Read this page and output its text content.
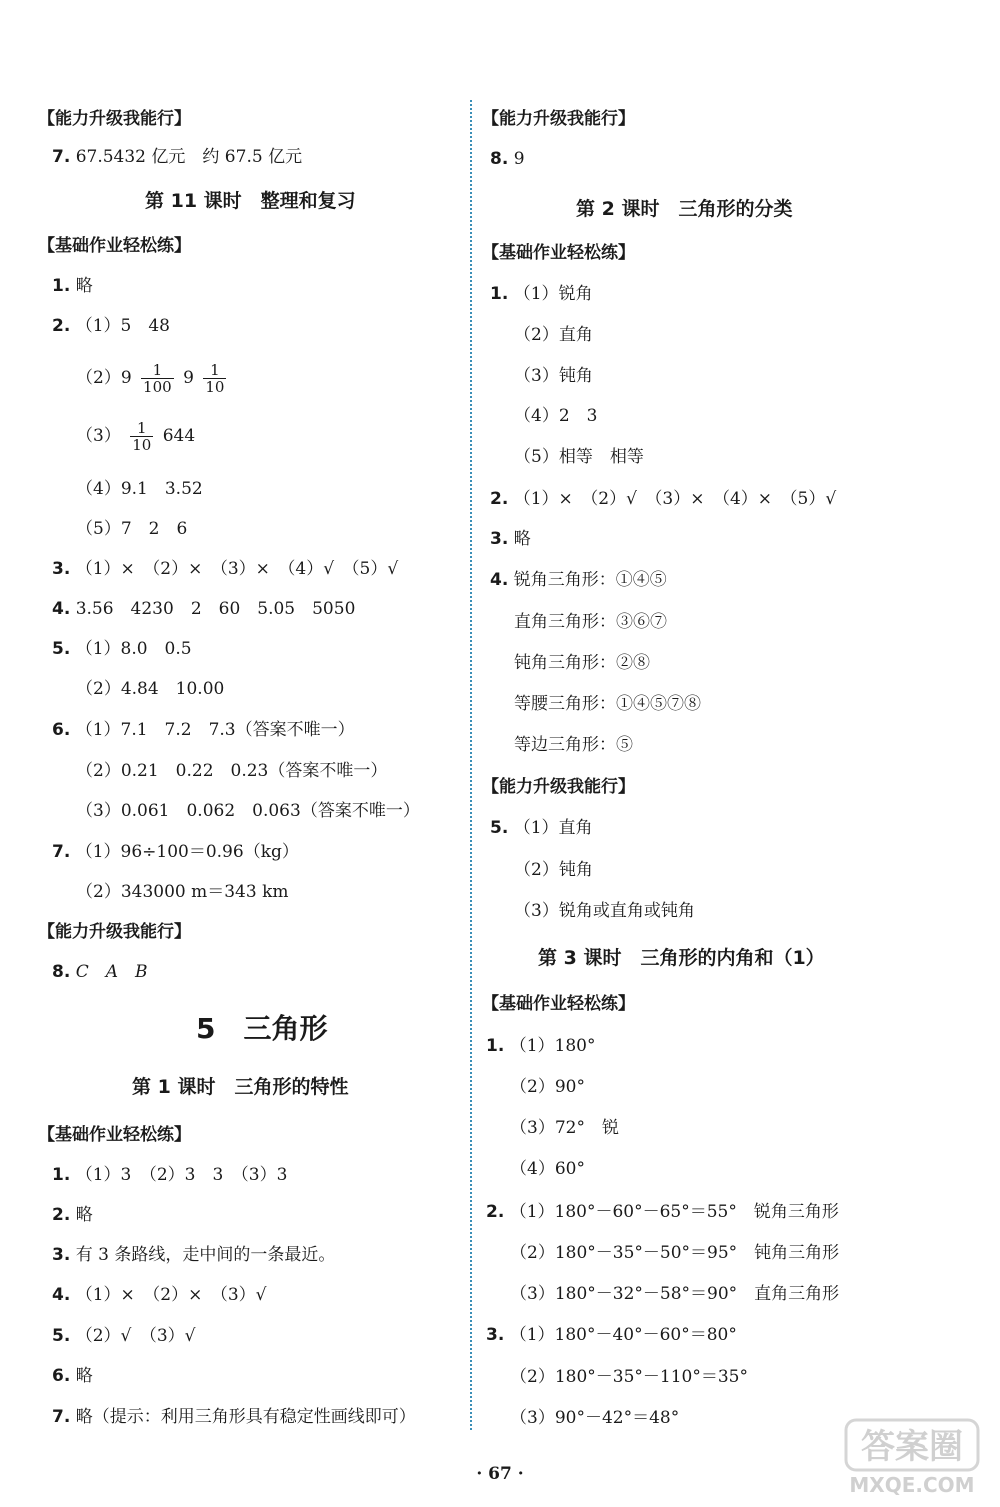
【能力升级我能行】
7. 67.5432 亿元　约 67.5 亿元
第 11 课时　整理和复习
【基础作业轻松练】
1. 略
2. （1）5　48
$(2)9 \frac{1}{100} 9 \frac{1}{10}$
$(3) \frac{1}{10} 644$
（4）9.1　3.52
（5）7　2　6
3. （1）×　（2）×　（3）×　（4）√　（5）√
4. 3.56　4230　2　60　5.05　5050
5. （1）8.0　0.5
（2）4.84　10.00
6. （1）7.1　7.2　7.3（答案不唯一）
（2）0.21　0.22　0.23（答案不唯一）
（3）0.061　0.062　0.063（答案不唯一）
7. （1）96÷100＝0.96（kg）
（2）343000 m＝343 km
【能力升级我能行】
8. C　A　B
5　三角形
第 1 课时　三角形的特性
【基础作业轻松练】
1. （1）3　（2）3　3　（3）3
2. 略
3. 有 3 条路线，走中间的一条最近。
4. （1）×　（2）×　（3）√
5. （2）√　（3）√
6. 略
7. 略（提示：利用三角形具有稳定性画线即可）
【能力升级我能行】
8. 9
第 2 课时　三角形的分类
【基础作业轻松练】
1. （1）锐角
（2）直角
（3）钝角
（4）2　3
（5）相等　相等
2. （1）×　（2）√　（3）×　（4）×　（5）√
3. 略
4. 锐角三角形：①④⑤
直角三角形：③⑥⑦
钝角三角形：②⑧
等腰三角形：①④⑤⑦⑧
等边三角形：⑤
【能力升级我能行】
5. （1）直角
（2）钝角
（3）锐角或直角或钝角
第 3 课时　三角形的内角和（1）
【基础作业轻松练】
1. （1）180°
（2）90°
（3）72°　锐
（4）60°
2. （1）180°－60°－65°＝55°　锐角三角形
（2）180°－35°－50°＝95°　钝角三角形
（3）180°－32°－58°＝90°　直角三角形
3. （1）180°－40°－60°＝80°
（2）180°－35°－110°＝35°
（3）90°－42°＝48°
· 67 ·
答案圈
MXQE.COM
